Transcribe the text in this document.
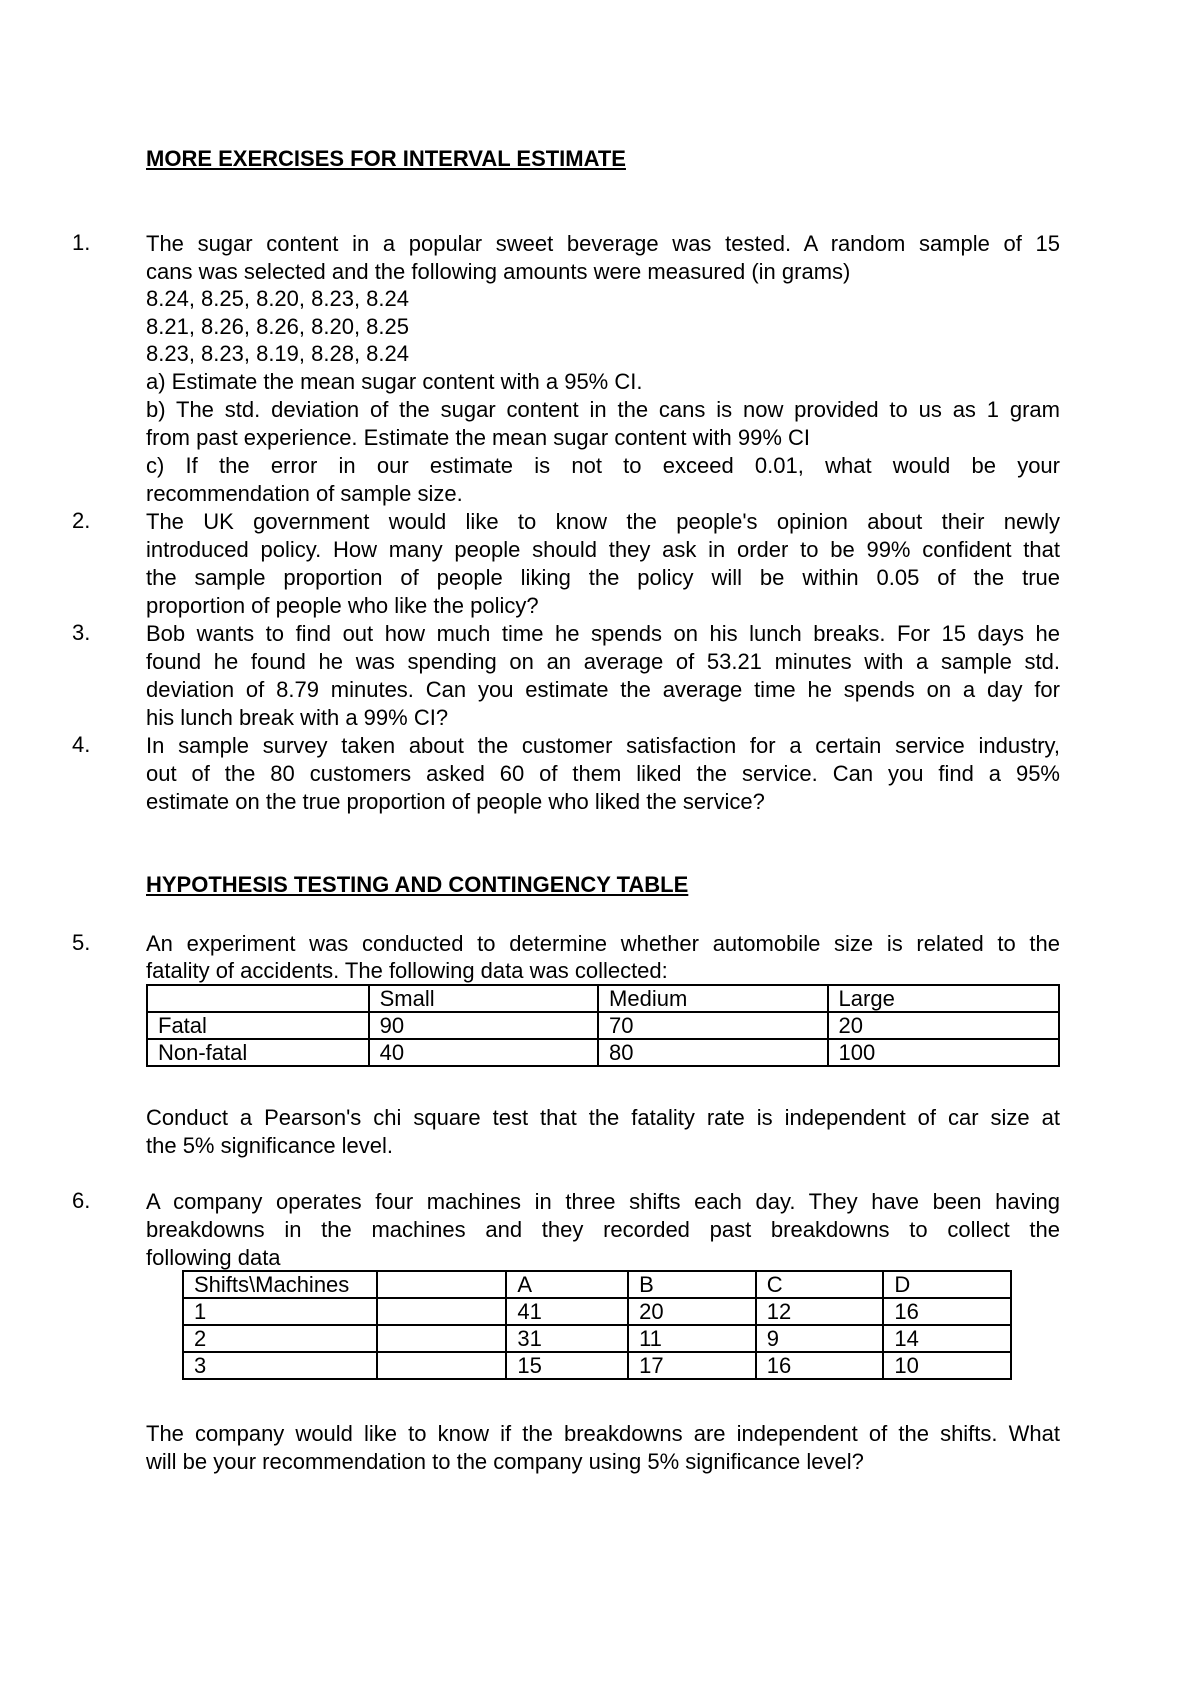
MORE EXERCISES FOR INTERVAL ESTIMATE
1.	The sugar content in a popular sweet beverage was tested. A random sample of 15
cans was selected and the following amounts were measured (in grams)
8.24, 8.25, 8.20, 8.23, 8.24
8.21, 8.26, 8.26, 8.20, 8.25
8.23, 8.23, 8.19, 8.28, 8.24
a) Estimate the mean sugar content with a 95% CI.
b) The std. deviation of the sugar content in the cans is now provided to us as 1 gram
from past experience. Estimate the mean sugar content with 99% CI
c) If the error in our estimate is not to exceed 0.01, what would be your
recommendation of sample size.
2.	The UK government would like to know the people's opinion about their newly
introduced policy. How many people should they ask in order to be 99% confident that
the sample proportion of people liking the policy will be within 0.05 of the true
proportion of people who like the policy?
3.	Bob wants to find out how much time he spends on his lunch breaks. For 15 days he
found he found he was spending on an average of 53.21 minutes with a sample std.
deviation of 8.79 minutes. Can you estimate the average time he spends on a day for
his lunch break with a 99% CI?
4.	In sample survey taken about the customer satisfaction for a certain service industry,
out of the 80 customers asked 60 of them liked the service. Can you find a 95%
estimate on the true proportion of people who liked the service?
HYPOTHESIS TESTING AND CONTINGENCY TABLE
5.	An experiment was conducted to determine whether automobile size is related to the
fatality of accidents. The following data was collected:
	Small	Medium	Large
Fatal	90	70	20
Non-fatal	40	80	100
Conduct a Pearson's chi square test that the fatality rate is independent of car size at
the 5% significance level.
6.	A company operates four machines in three shifts each day. They have been having
breakdowns in the machines and they recorded past breakdowns to collect the
following data
Shifts\Machines		A	B	C	D
1		41	20	12	16
2		31	11	9	14
3		15	17	16	10
The company would like to know if the breakdowns are independent of the shifts. What
will be your recommendation to the company using 5% significance level?
